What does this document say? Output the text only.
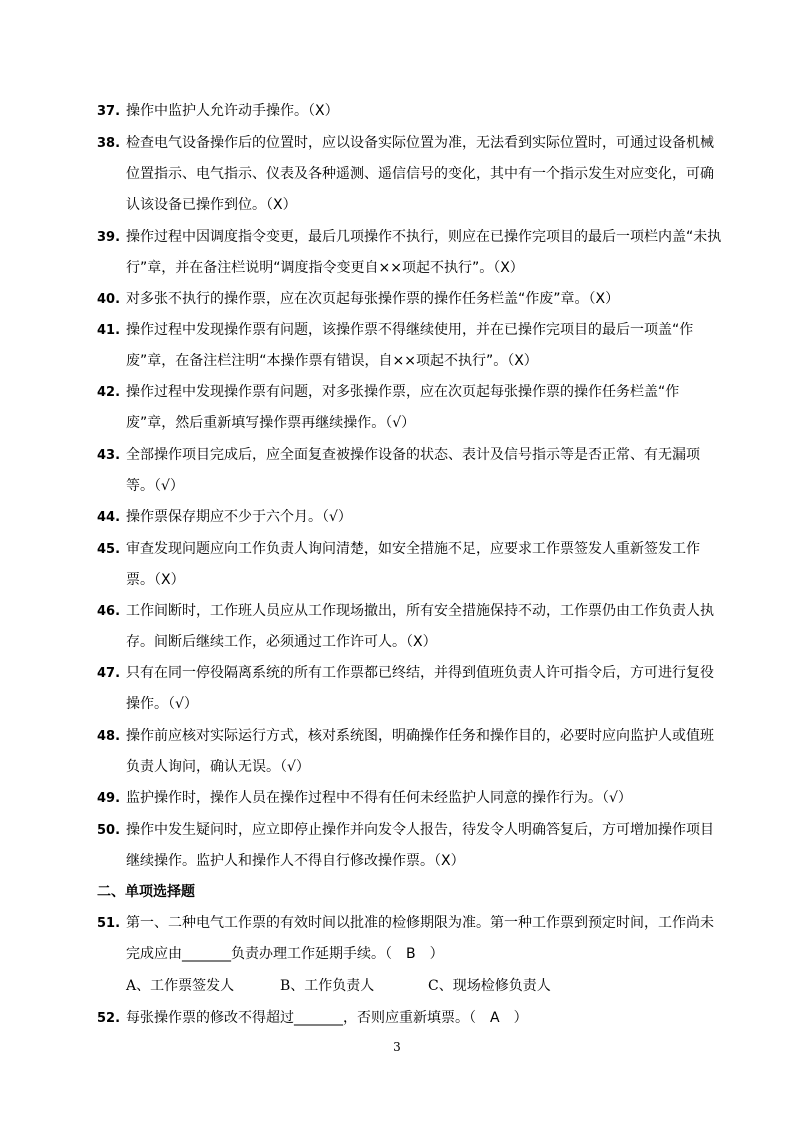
37. 操作中监护人允许动手操作。（X）
38. 检查电气设备操作后的位置时，应以设备实际位置为准，无法看到实际位置时，可通过设备机械位置指示、电气指示、仪表及各种遥测、遥信信号的变化，其中有一个指示发生对应变化，可确认该设备已操作到位。（X）
39. 操作过程中因调度指令变更，最后几项操作不执行，则应在已操作完项目的最后一项栏内盖“未执行”章，并在备注栏说明“调度指令变更自××项起不执行”。（X）
40. 对多张不执行的操作票，应在次页起每张操作票的操作任务栏盖“作废”章。（X）
41. 操作过程中发现操作票有问题，该操作票不得继续使用，并在已操作完项目的最后一项盖“作废”章，在备注栏注明“本操作票有错误，自××项起不执行”。（X）
42. 操作过程中发现操作票有问题，对多张操作票，应在次页起每张操作票的操作任务栏盖“作废”章，然后重新填写操作票再继续操作。（√）
43. 全部操作项目完成后，应全面复查被操作设备的状态、表计及信号指示等是否正常、有无漏项等。（√）
44. 操作票保存期应不少于六个月。（√）
45. 审查发现问题应向工作负责人询问清楚，如安全措施不足，应要求工作票签发人重新签发工作票。（X）
46. 工作间断时，工作班人员应从工作现场撤出，所有安全措施保持不动，工作票仍由工作负责人执存。间断后继续工作，必须通过工作许可人。（X）
47. 只有在同一停役隔离系统的所有工作票都已终结，并得到值班负责人许可指令后，方可进行复役操作。（√）
48. 操作前应核对实际运行方式，核对系统图，明确操作任务和操作目的，必要时应向监护人或值班负责人询问，确认无误。（√）
49. 监护操作时，操作人员在操作过程中不得有任何未经监护人同意的操作行为。（√）
50. 操作中发生疑问时，应立即停止操作并向发令人报告，待发令人明确答复后，方可增加操作项目继续操作。监护人和操作人不得自行修改操作票。（X）
二、单项选择题
51. 第一、二种电气工作票的有效时间以批准的检修期限为准。第一种工作票到预定时间，工作尚未完成应由_______负责办理工作延期手续。（　B　）
A、工作票签发人	B、工作负责人	C、现场检修负责人
52. 每张操作票的修改不得超过_______，否则应重新填票。（　A　）
3
